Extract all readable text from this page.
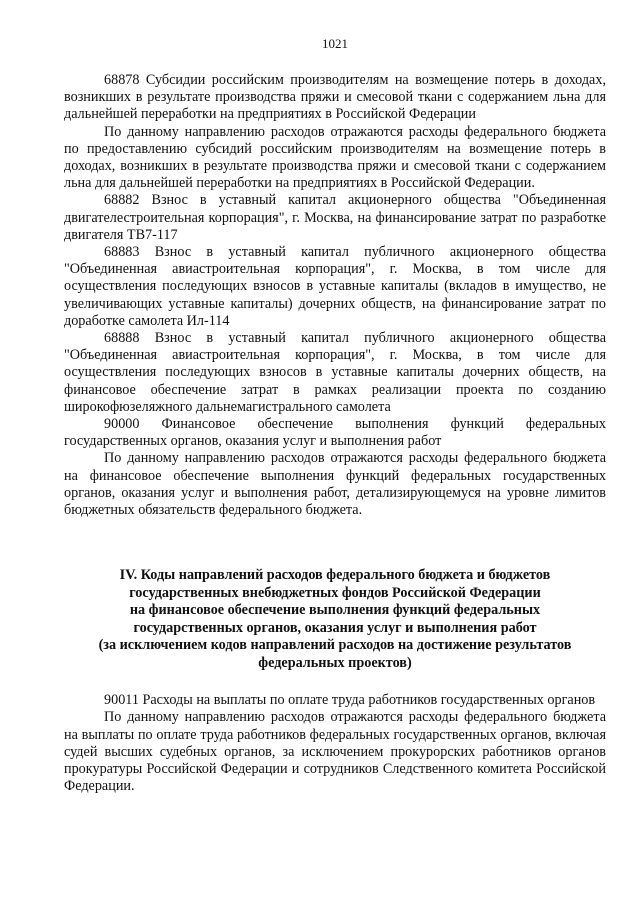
1021

68878 Субсидии российским производителям на возмещение потерь в доходах, возникших в результате производства пряжи и смесовой ткани с содержанием льна для дальнейшей переработки на предприятиях в Российской Федерации

По данному направлению расходов отражаются расходы федерального бюджета по предоставлению субсидий российским производителям на возмещение потерь в доходах, возникших в результате производства пряжи и смесовой ткани с содержанием льна для дальнейшей переработки на предприятиях в Российской Федерации.

68882 Взнос в уставный капитал акционерного общества "Объединенная двигателестроительная корпорация", г. Москва, на финансирование затрат по разработке двигателя ТВ7-117

68883 Взнос в уставный капитал публичного акционерного общества "Объединенная авиастроительная корпорация", г. Москва, в том числе для осуществления последующих взносов в уставные капиталы (вкладов в имущество, не увеличивающих уставные капиталы) дочерних обществ, на финансирование затрат по доработке самолета Ил-114

68888 Взнос в уставный капитал публичного акционерного общества "Объединенная авиастроительная корпорация", г. Москва, в том числе для осуществления последующих взносов в уставные капиталы дочерних обществ, на финансовое обеспечение затрат в рамках реализации проекта по созданию широкофюзеляжного дальнемагистрального самолета

90000 Финансовое обеспечение выполнения функций федеральных государственных органов, оказания услуг и выполнения работ

По данному направлению расходов отражаются расходы федерального бюджета на финансовое обеспечение выполнения функций федеральных государственных органов, оказания услуг и выполнения работ, детализирующемуся на уровне лимитов бюджетных обязательств федерального бюджета.

IV. Коды направлений расходов федерального бюджета и бюджетов
государственных внебюджетных фондов Российской Федерации
на финансовое обеспечение выполнения функций федеральных
государственных органов, оказания услуг и выполнения работ
(за исключением кодов направлений расходов на достижение результатов
федеральных проектов)

90011 Расходы на выплаты по оплате труда работников государственных органов

По данному направлению расходов отражаются расходы федерального бюджета на выплаты по оплате труда работников федеральных государственных органов, включая судей высших судебных органов, за исключением прокурорских работников органов прокуратуры Российской Федерации и сотрудников Следственного комитета Российской Федерации.
